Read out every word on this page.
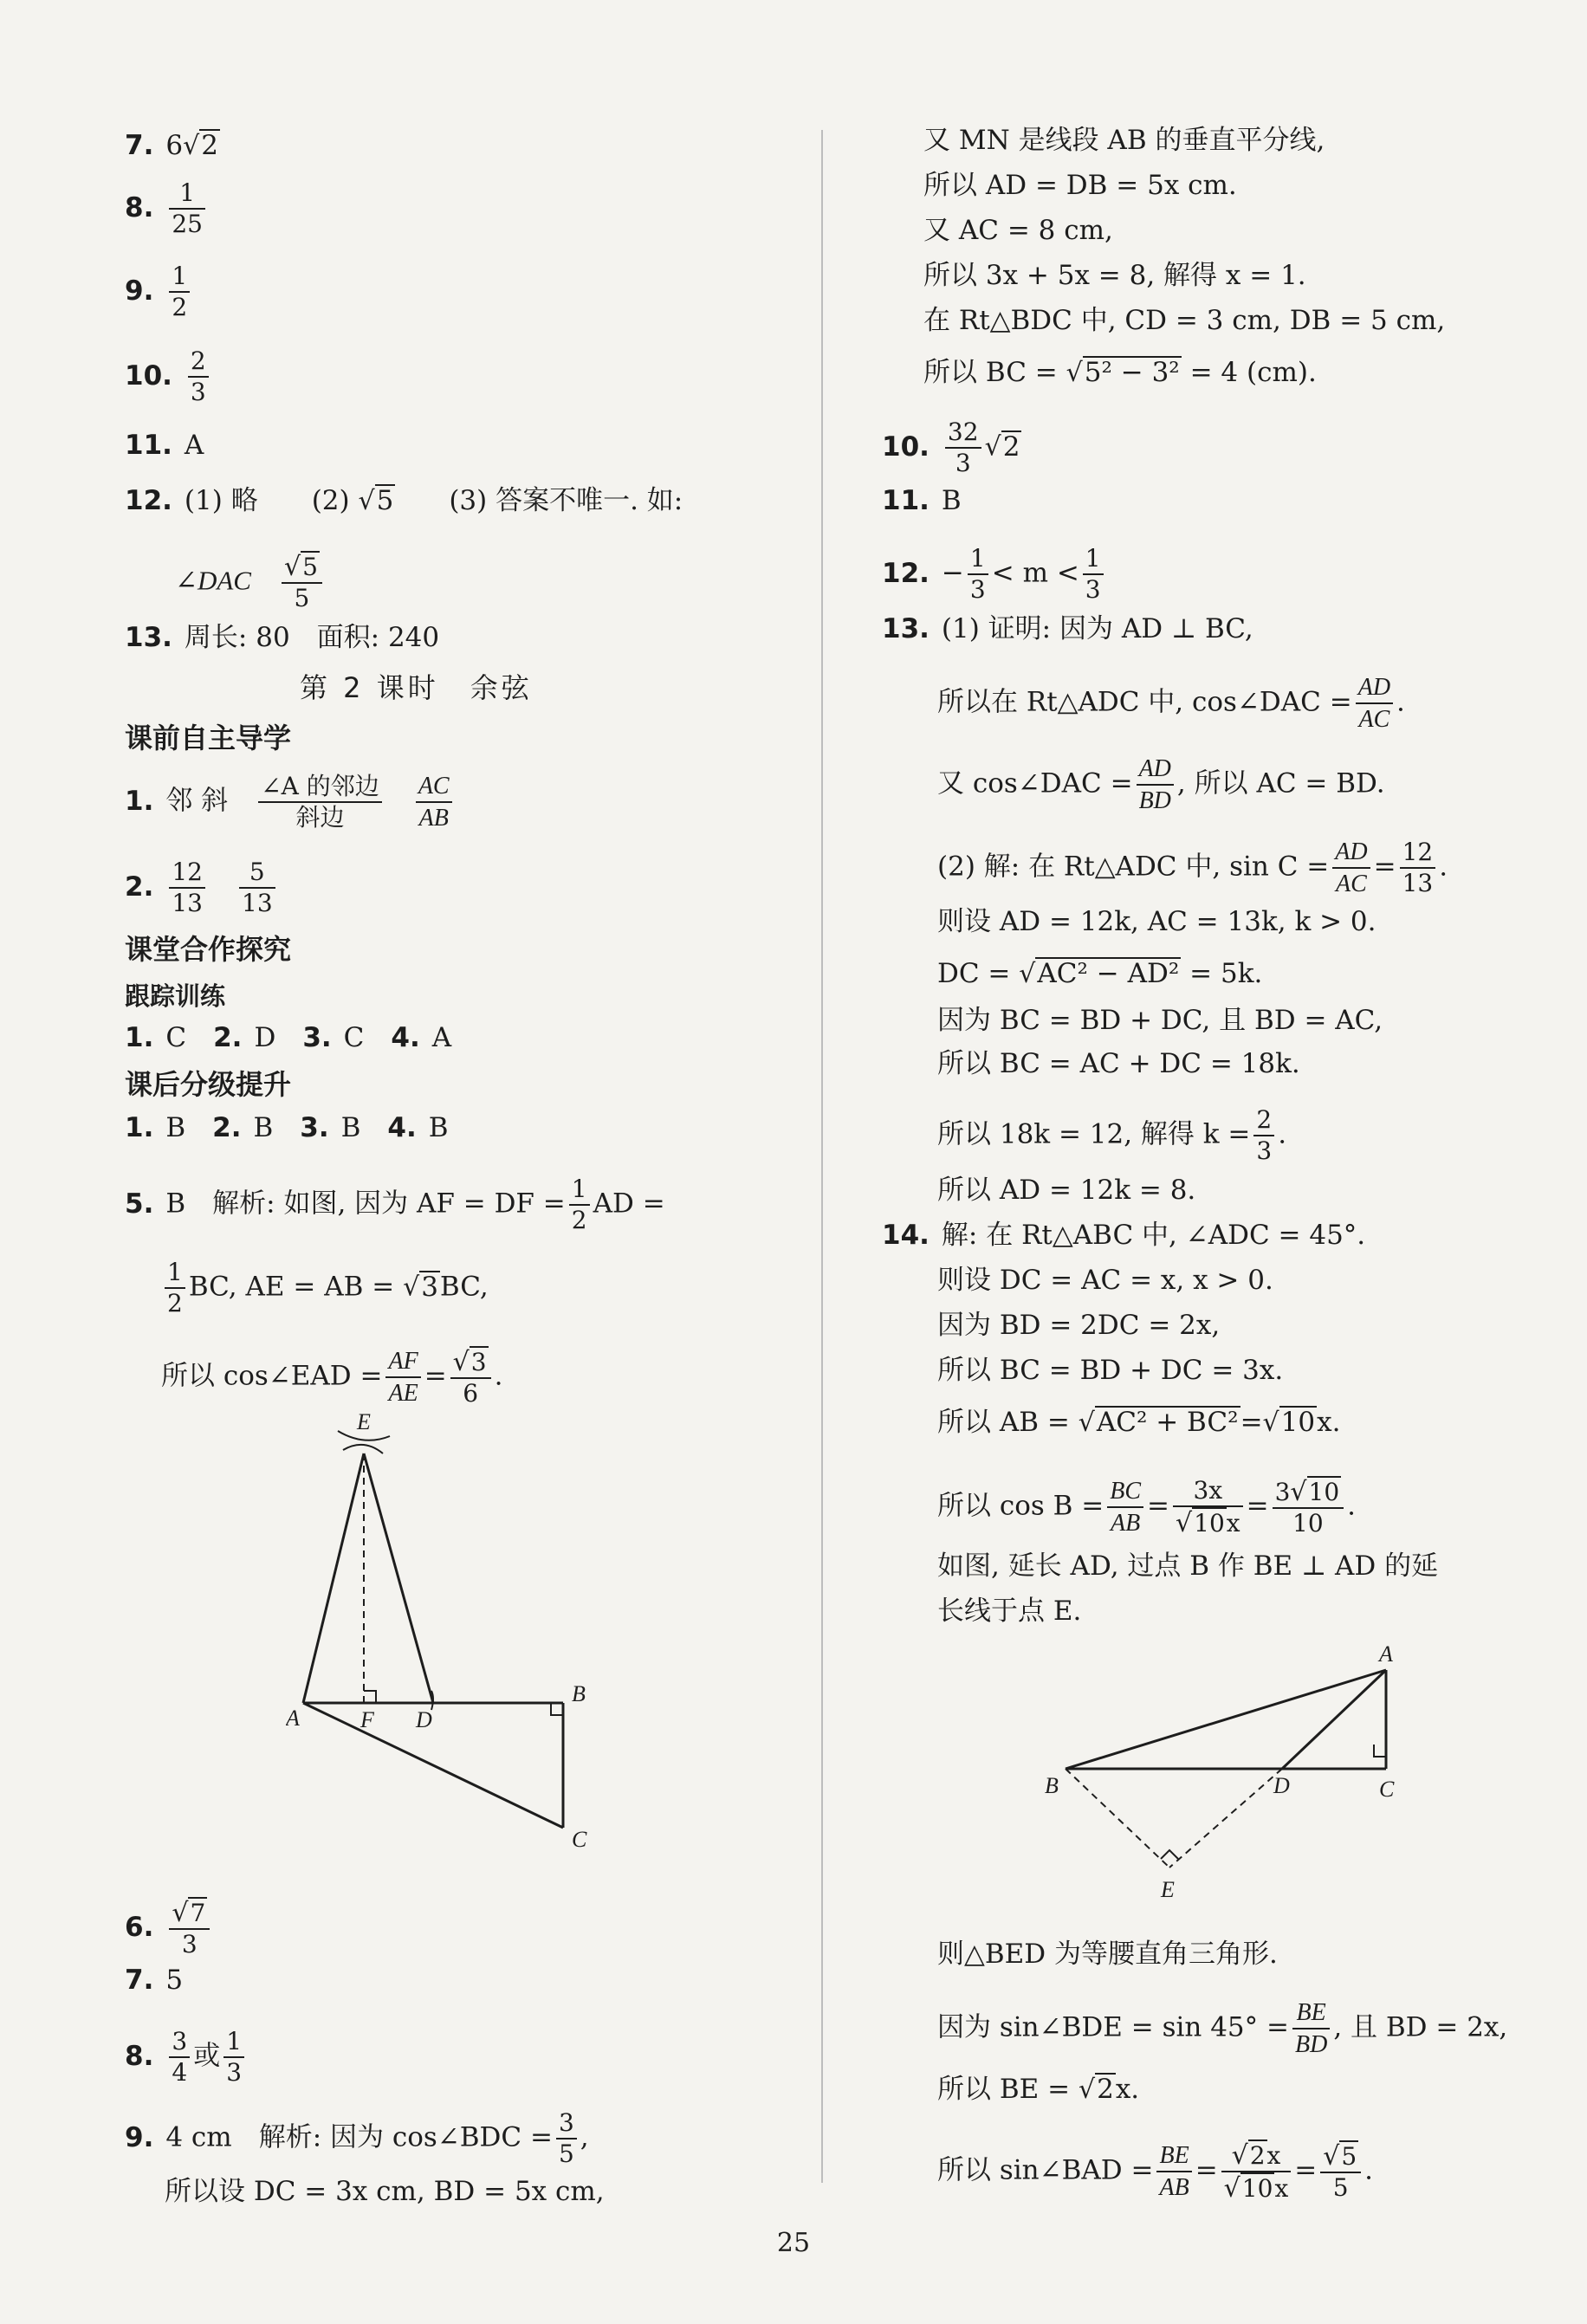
7. 6√2
8. $\frac{1}{25}$
9. $\frac{1}{2}$
10. $\frac{2}{3}$
11. A
12. (1) 略　　 (2) √5　　 (3) 答案不唯一. 如:
∠DAC　 $\frac{√5}{5}$
13. 周长: 80　面积: 240
第 2 课时　余弦
课前自主导学
1. 邻 斜　 $\frac{\text{∠A 的邻边}}{\text{斜边}}$
　 $\frac{AC}{AB}$
2. $\frac{12}{13}$
　 $\frac{5}{13}$
课堂合作探究
跟踪训练
1. C　 2. D　 3. C　 4. A
课后分级提升
1. B　 2. B　 3. B　 4. B
5. B　解析: 如图, 因为 AF = DF = $\frac{1}{2}$ AD =
$\frac{1}{2}$ BC, AE = AB = √3BC,
所以 cos∠EAD = $\frac{AF}{AE} = \frac{√3}{6}$ .
E
A	F D
B
C
6. $\frac{√7}{3}$
7. 5
8. $\frac{3}{4}$ 或 $\frac{1}{3}$
9. 4 cm　解析: 因为 cos∠BDC = $\frac{3}{5}$ ,
所以设 DC = 3x cm, BD = 5x cm,
又 MN 是线段 AB 的垂直平分线,
所以 AD = DB = 5x cm.
又 AC = 8 cm,
所以 3x + 5x = 8, 解得 x = 1.
在 Rt△BDC 中, CD = 3 cm, DB = 5 cm,
所以 BC = √5² − 3² = 4 (cm).
10. $\frac{32}{3} √2$
11. B
12. − $\frac{1}{3} < m < \frac{1}{3}$
13. (1) 证明: 因为 AD ⊥ BC,
所以在 Rt△ADC 中, cos∠DAC = $\frac{AD}{AC}$ .
又 cos∠DAC = $\frac{AD}{BD}$ , 所以 AC = BD.
(2) 解: 在 Rt△ADC 中, $\sin C = \frac{AD}{AC} = \frac{12}{13}$ .
则设 AD = 12k, AC = 13k, k > 0.
DC = √AC² − AD² = 5k.
因为 BC = BD + DC, 且 BD = AC,
所以 BC = AC + DC = 18k.
所以 18k = 12, 解得 $k = \frac{2}{3}$ .
所以 AD = 12k = 8.
14. 解: 在 Rt△ABC 中, ∠ADC = 45°.
则设 DC = AC = x, x > 0.
因为 BD = 2DC = 2x,
所以 BC = BD + DC = 3x.
所以 AB = √AC² + BC²=√10x.
所以 $\cos B = \frac{BC}{AB} = \frac{3x}{√10x} = \frac{3√10}{10}$ .
如图, 延长 AD, 过点 B 作 BE ⊥ AD 的延
长线于点 E.
A
B	D	C
E
则△BED 为等腰直角三角形.
因为 sin∠BDE = $\sin 45^\circ = \frac{BE}{BD}$ , 且 BD = 2x,
所以 BE = √2x.
所以 sin∠BAD = $\frac{BE}{AB} = \frac{√2x}{√10x} = \frac{√5}{5}$ .
25
